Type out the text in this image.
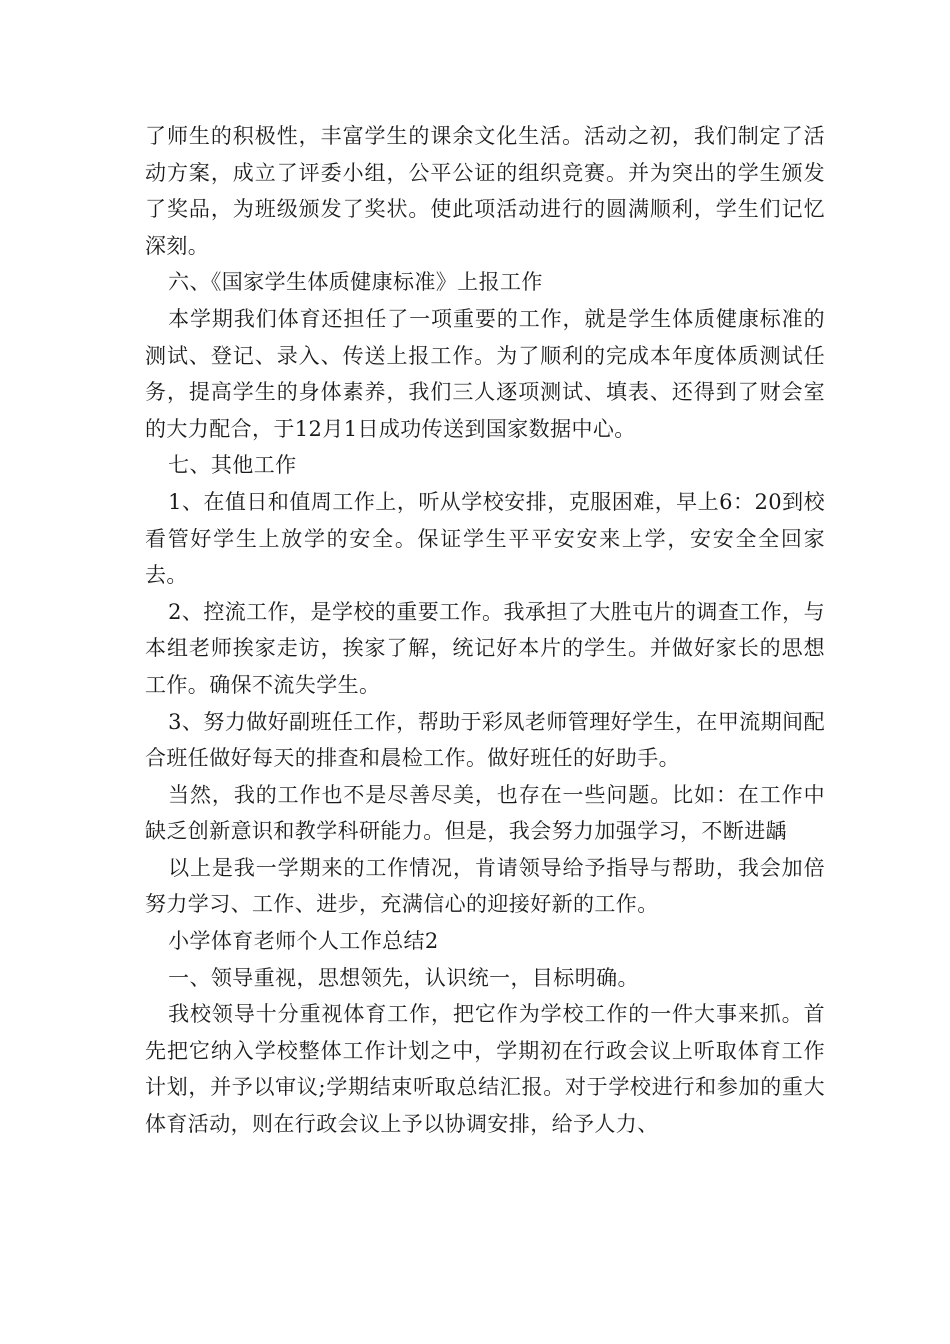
了师生的积极性，丰富学生的课余文化生活。活动之初，我们制定了活动方案，成立了评委小组，公平公证的组织竞赛。并为突出的学生颁发了奖品，为班级颁发了奖状。使此项活动进行的圆满顺利，学生们记忆深刻。

六、《国家学生体质健康标准》上报工作

本学期我们体育还担任了一项重要的工作，就是学生体质健康标准的测试、登记、录入、传送上报工作。为了顺利的完成本年度体质测试任务，提高学生的身体素养，我们三人逐项测试、填表、还得到了财会室的大力配合，于12月1日成功传送到国家数据中心。

七、其他工作

1、在值日和值周工作上，听从学校安排，克服困难，早上6：20到校看管好学生上放学的安全。保证学生平平安安来上学，安安全全回家去。

2、控流工作，是学校的重要工作。我承担了大胜屯片的调查工作，与本组老师挨家走访，挨家了解，统记好本片的学生。并做好家长的思想工作。确保不流失学生。

3、努力做好副班任工作，帮助于彩凤老师管理好学生，在甲流期间配合班任做好每天的排查和晨检工作。做好班任的好助手。

当然，我的工作也不是尽善尽美，也存在一些问题。比如：在工作中缺乏创新意识和教学科研能力。但是，我会努力加强学习，不断进龋

以上是我一学期来的工作情况，肯请领导给予指导与帮助，我会加倍努力学习、工作、进步，充满信心的迎接好新的工作。

小学体育老师个人工作总结2

一、领导重视，思想领先，认识统一，目标明确。

我校领导十分重视体育工作，把它作为学校工作的一件大事来抓。首先把它纳入学校整体工作计划之中，学期初在行政会议上听取体育工作计划，并予以审议;学期结束听取总结汇报。对于学校进行和参加的重大体育活动，则在行政会议上予以协调安排，给予人力、
